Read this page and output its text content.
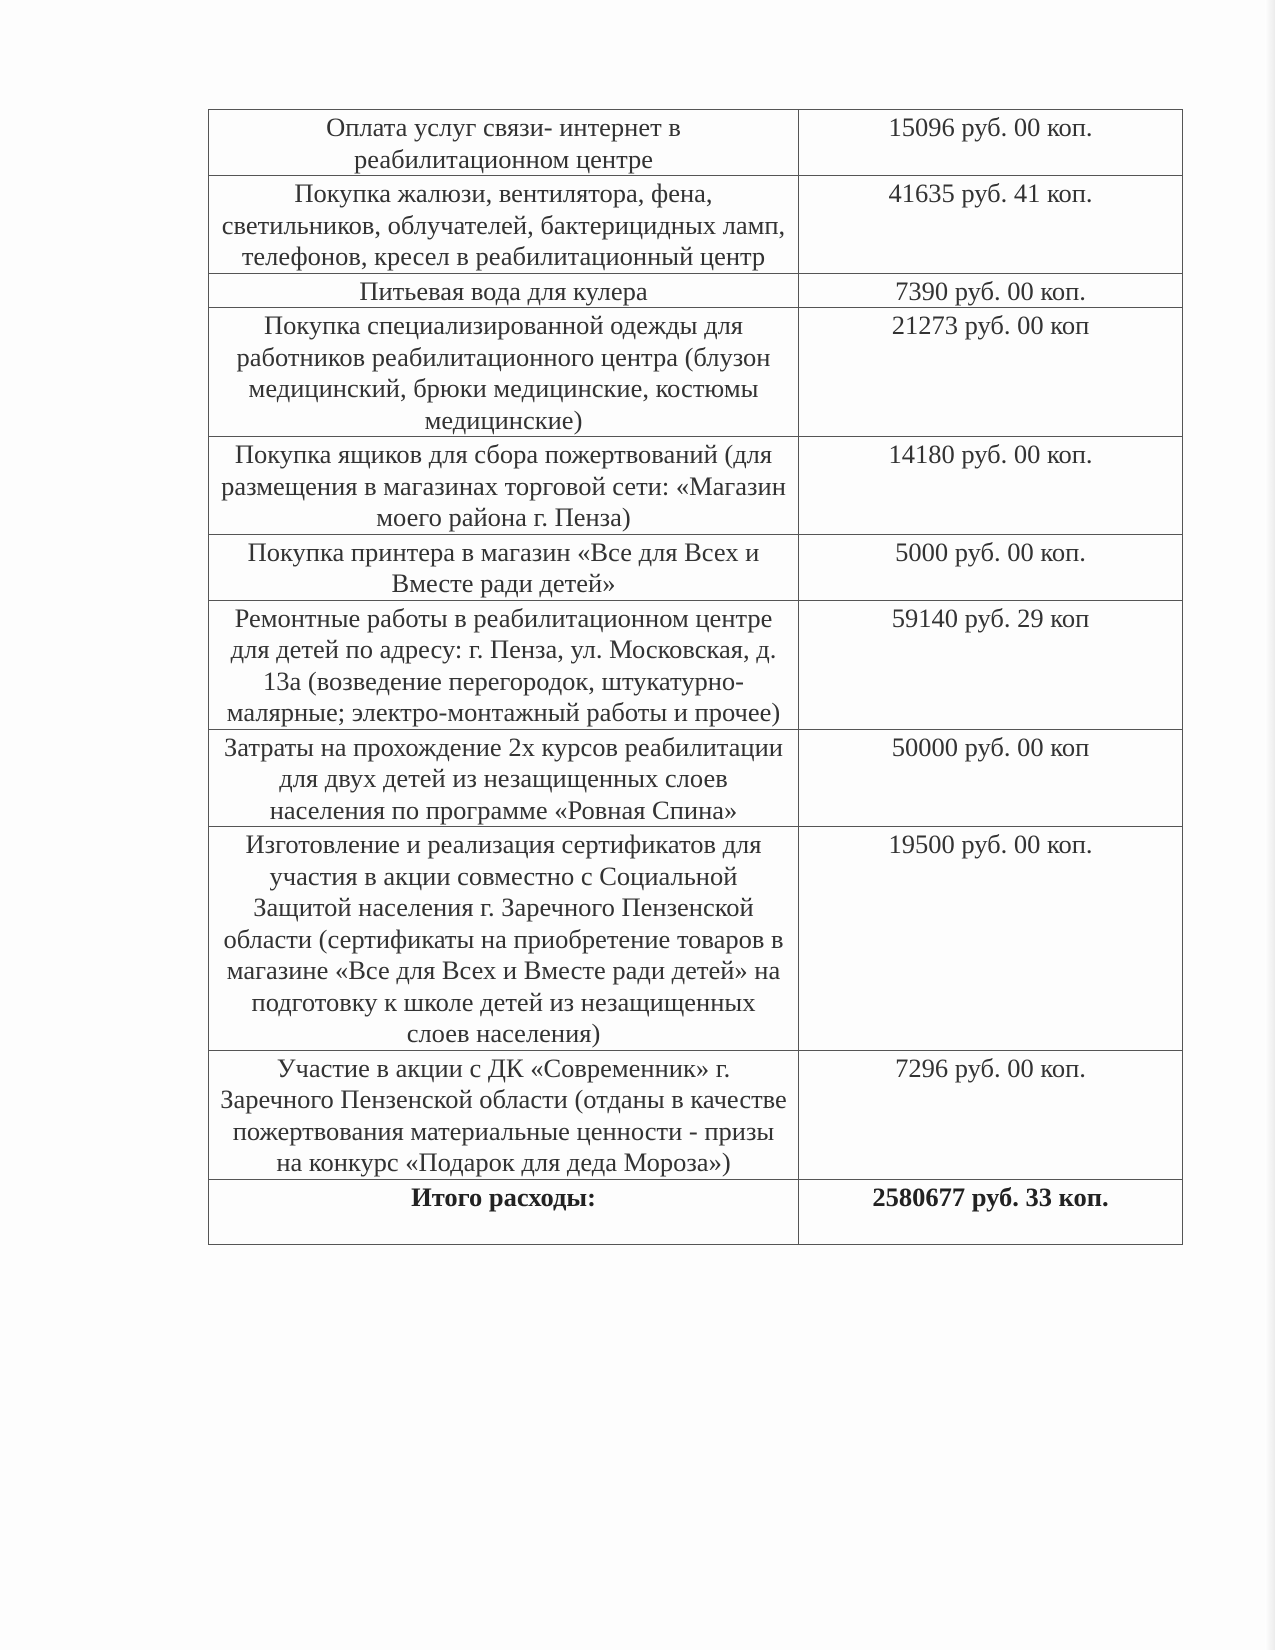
Оплата услуг связи- интернет в реабилитационном центре	15096 руб. 00 коп.
Покупка жалюзи, вентилятора, фена, светильников, облучателей, бактерицидных ламп, телефонов, кресел в реабилитационный центр	41635 руб. 41 коп.
Питьевая вода для кулера	7390 руб. 00 коп.
Покупка специализированной одежды для работников реабилитационного центра (блузон медицинский, брюки медицинские, костюмы медицинские)	21273 руб. 00 коп
Покупка ящиков для сбора пожертвований (для размещения в магазинах торговой сети: «Магазин моего района г. Пенза)	14180 руб. 00 коп.
Покупка принтера в магазин «Все для Всех и Вместе ради детей»	5000 руб. 00 коп.
Ремонтные работы в реабилитационном центре для детей по адресу: г. Пенза, ул. Московская, д. 13а (возведение перегородок, штукатурно-малярные; электро-монтажный работы и прочее)	59140 руб. 29 коп
Затраты на прохождение 2х курсов реабилитации для двух детей из незащищенных слоев населения по программе «Ровная Спина»	50000 руб. 00 коп
Изготовление и реализация сертификатов для участия в акции совместно с Социальной Защитой населения г. Заречного Пензенской области (сертификаты на приобретение товаров в магазине «Все для Всех и Вместе ради детей» на подготовку к школе детей из незащищенных слоев населения)	19500 руб. 00 коп.
Участие в акции с ДК «Современник» г. Заречного Пензенской области (отданы в качестве пожертвования материальные ценности - призы на конкурс «Подарок для деда Мороза»)	7296 руб. 00 коп.
Итого расходы:	2580677 руб. 33 коп.
